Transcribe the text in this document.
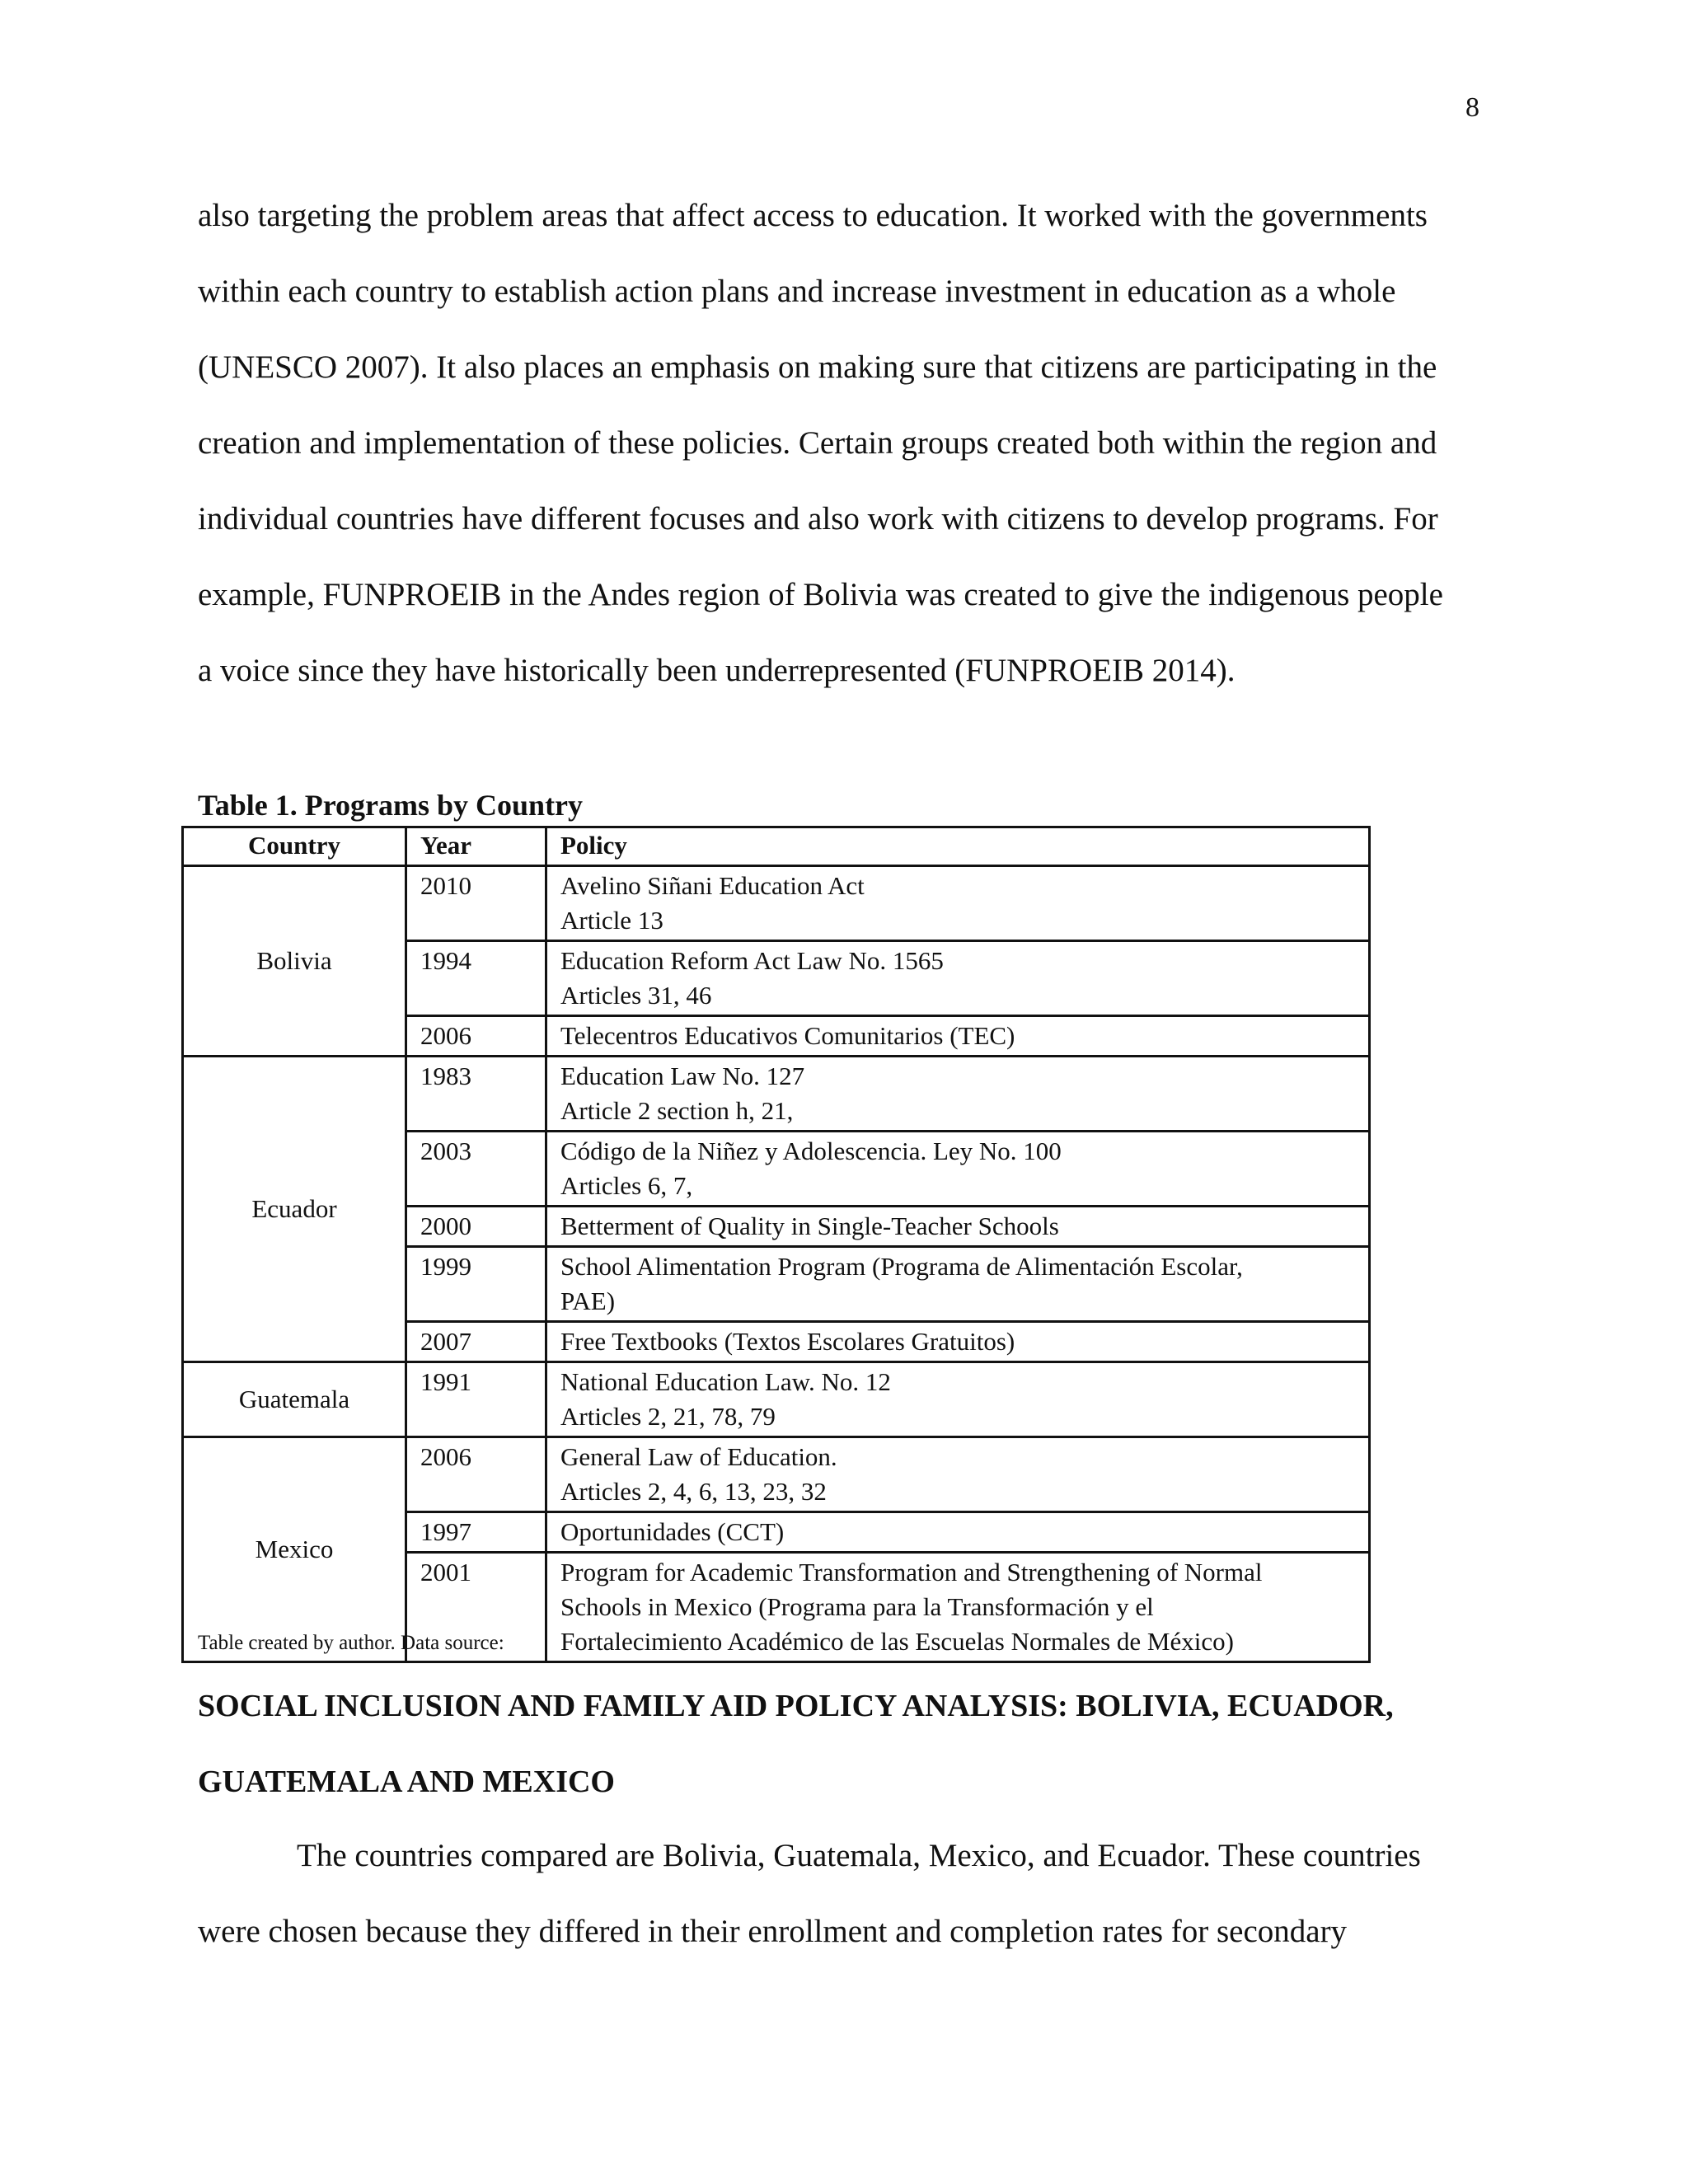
8

also targeting the problem areas that affect access to education. It worked with the governments

within each country to establish action plans and increase investment in education as a whole

(UNESCO 2007). It also places an emphasis on making sure that citizens are participating in the

creation and implementation of these policies. Certain groups created both within the region and

individual countries have different focuses and also work with citizens to develop programs. For

example, FUNPROEIB in the Andes region of Bolivia was created to give the indigenous people

a voice since they have historically been underrepresented (FUNPROEIB 2014).

Table 1. Programs by Country
Country	Year	Policy
Bolivia	2010	Avelino Siñani Education Act
Article 13

	1994	Education Reform Act Law No. 1565
Articles 31, 46

	2006	Telecentros Educativos Comunitarios (TEC)

Ecuador	1983	Education Law No. 127
Article 2 section h, 21,

	2003	Código de la Niñez y Adolescencia. Ley No. 100
Articles 6, 7,

	2000	Betterment of Quality in Single-Teacher Schools

	1999	School Alimentation Program (Programa de Alimentación Escolar,
PAE)

	2007	Free Textbooks (Textos Escolares Gratuitos)

Guatemala	1991	National Education Law. No. 12
Articles 2, 21, 78, 79

Mexico	2006	General Law of Education.
Articles 2, 4, 6, 13, 23, 32

	1997	Oportunidades (CCT)

	2001	Program for Academic Transformation and Strengthening of Normal
Schools in Mexico (Programa para la Transformación y el
Fortalecimiento Académico de las Escuelas Normales de México)
Table created by author. Data source:
SOCIAL INCLUSION AND FAMILY AID POLICY ANALYSIS: BOLIVIA, ECUADOR,
GUATEMALA AND MEXICO

The countries compared are Bolivia, Guatemala, Mexico, and Ecuador. These countries

were chosen because they differed in their enrollment and completion rates for secondary
